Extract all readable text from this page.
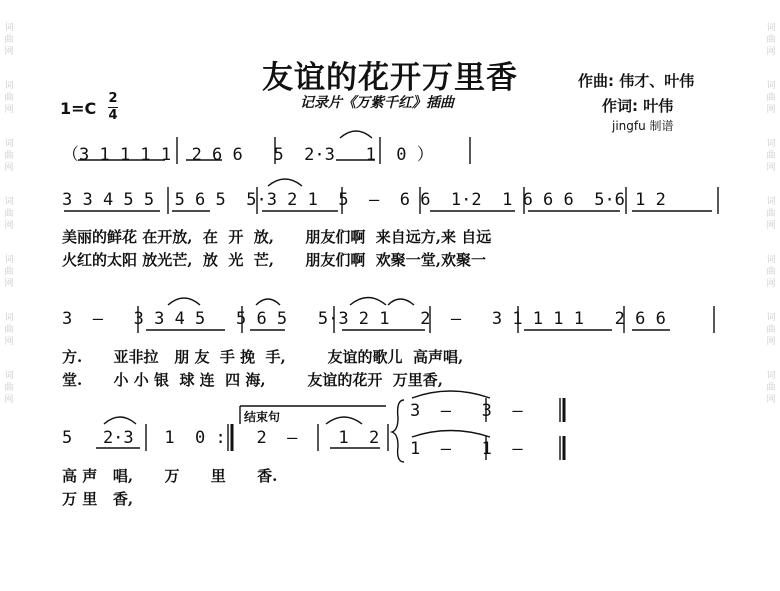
词
曲
网
词
曲
网
词
曲
网
词
曲
网
词
曲
网
词
曲
网
词
曲
网
词
曲
网
词
曲
网
词
曲
网
词
曲
网
词
曲
网
词
曲
网
词
曲
网
友谊的花开万里香
记录片《万紫千红》插曲
作曲: 伟才、叶伟
作词: 叶伟
jingfu 制谱
1=C
2
4
（3 1 1 1 1  2 6 6   5  2·3   1  0 ）
3 3 4 5 5  5 6 5  5·3 2 1  5  –  6 6  1·2  1 6 6 6  5·6 1 2
美丽的鲜花 在开放,  在  开  放,      朋友们啊  来自远方,来 自远
火红的太阳 放光芒,  放  光  芒,      朋友们啊  欢聚一堂,欢聚一
3  –   3 3 4 5   5 6 5   5·3 2 1   2  –   3 1 1 1 1   2 6 6
方.      亚非拉   朋 友  手 挽  手,        友谊的歌儿  高声唱,
堂.      小 小 银  球 连  四 海,        友谊的花开  万里香,
结束句
5   2·3   1  0 :   2  –    1  2
3  –   3  –
1  –   1  –
高 声   唱,      万      里      香.
万 里   香,
